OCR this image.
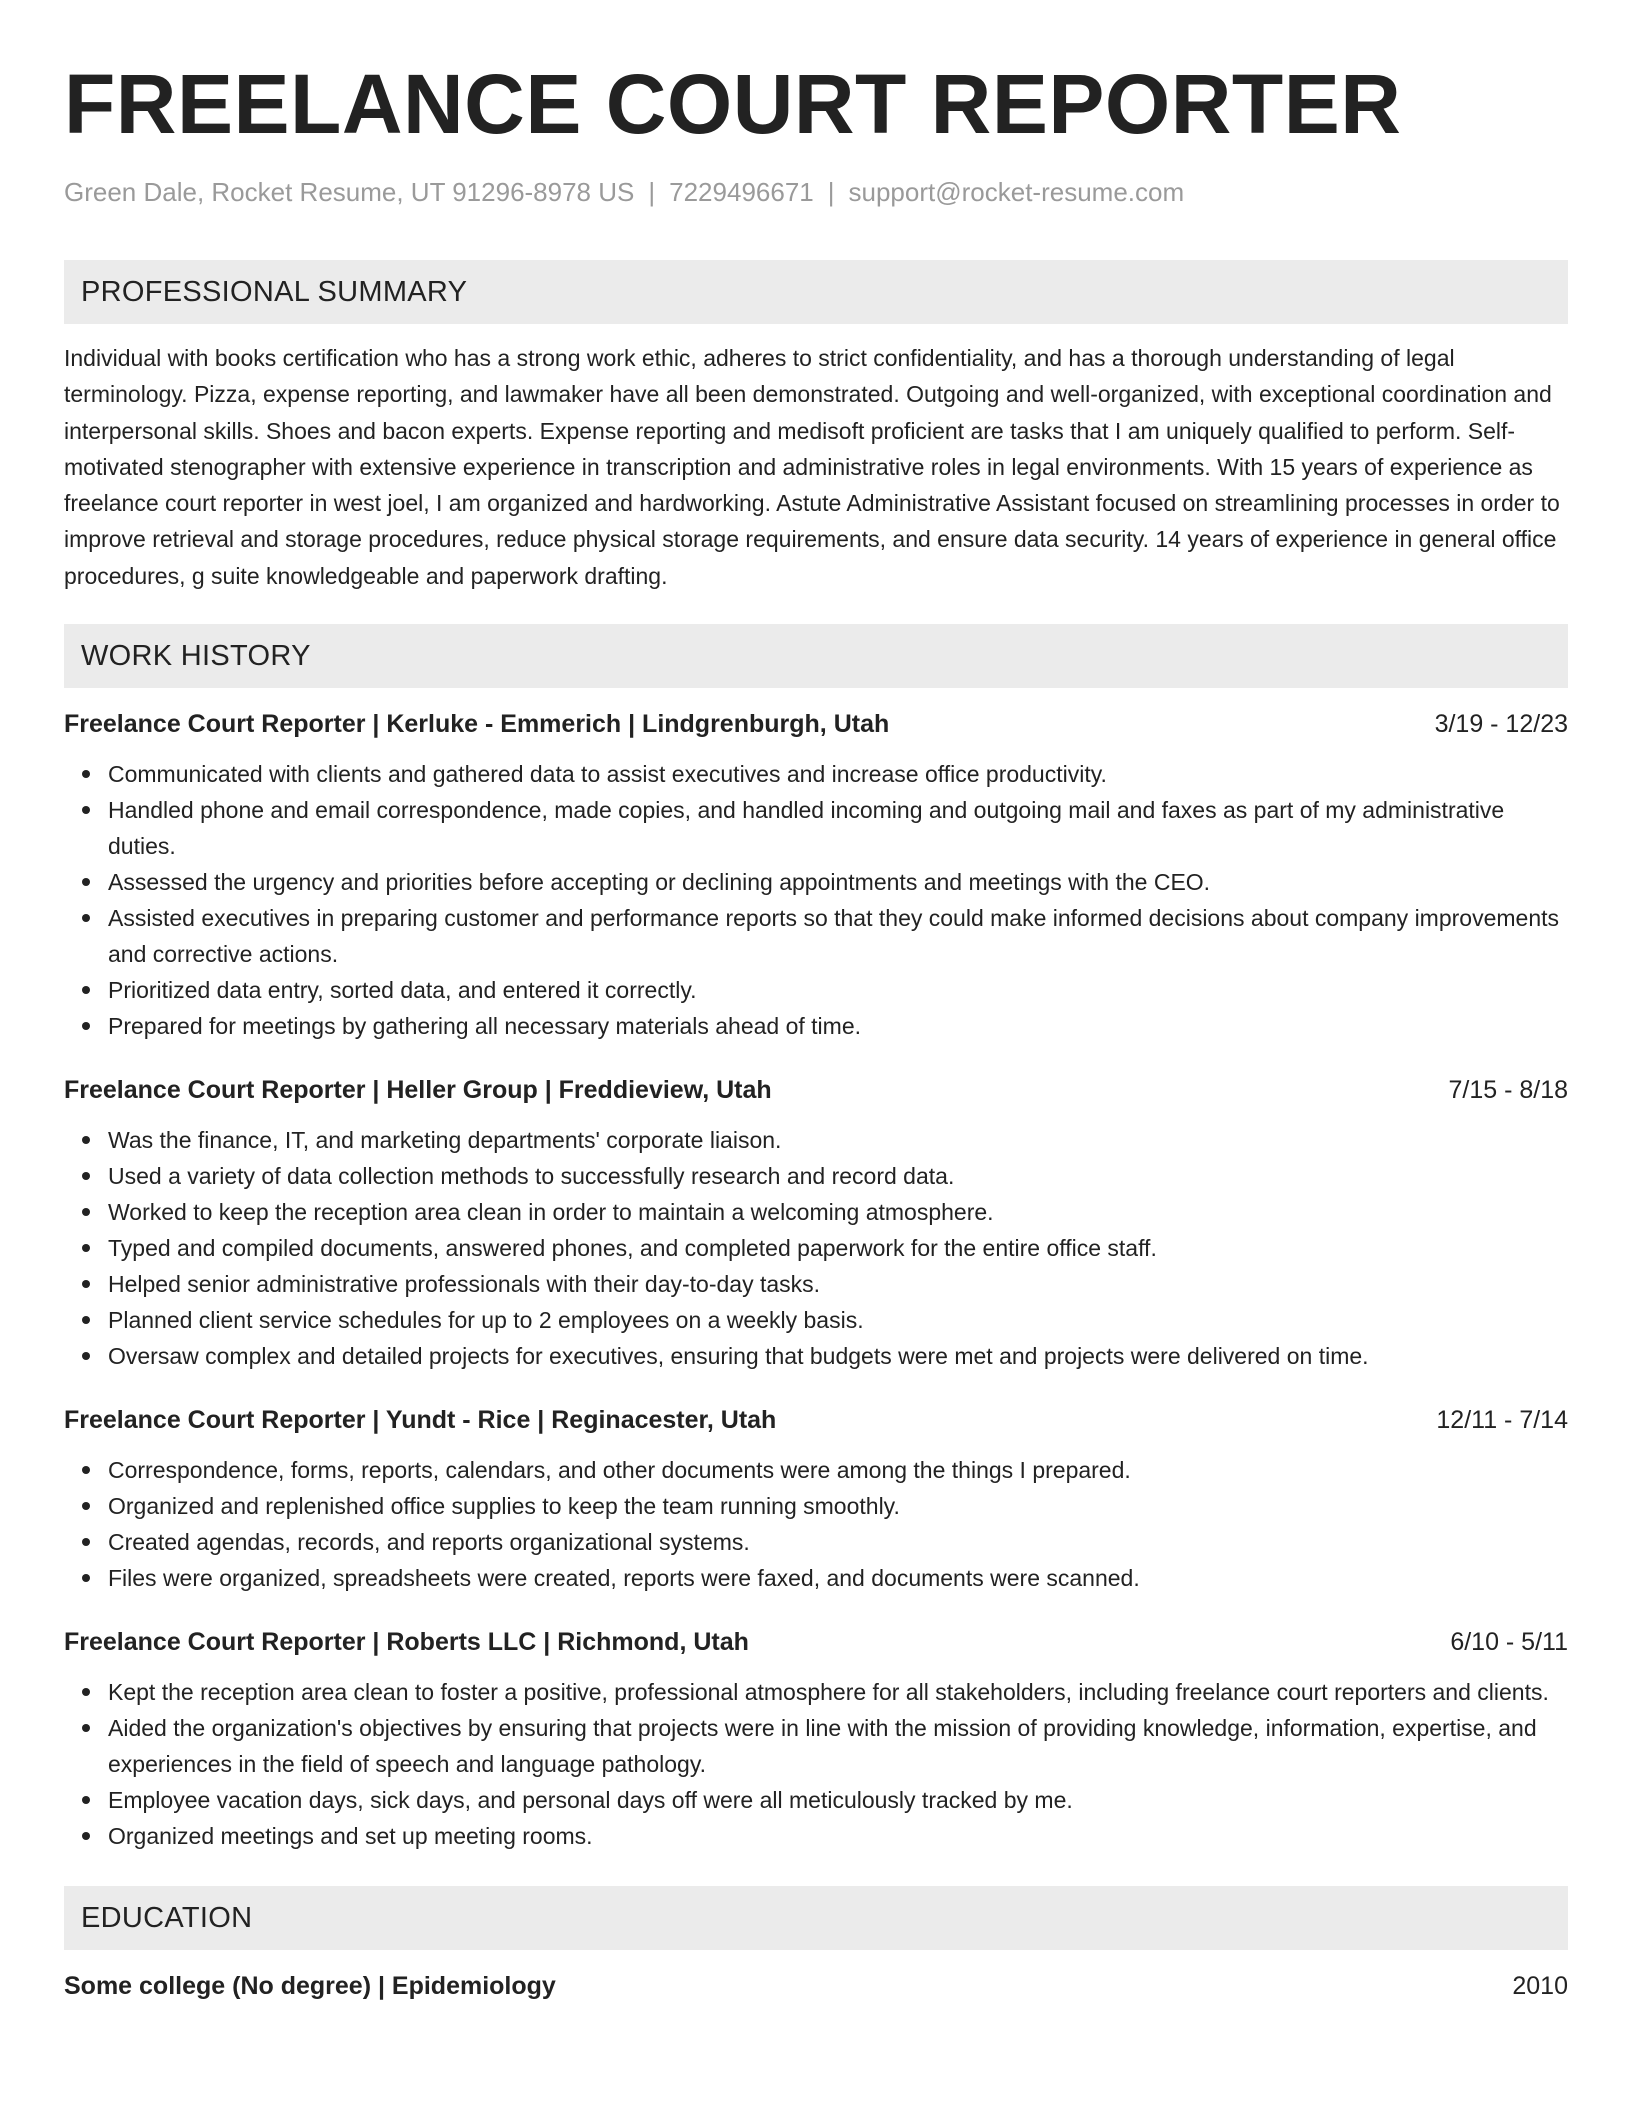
FREELANCE COURT REPORTER
Green Dale, Rocket Resume, UT 91296-8978 US | 7229496671 | support@rocket-resume.com
PROFESSIONAL SUMMARY
Individual with books certification who has a strong work ethic, adheres to strict confidentiality, and has a thorough understanding of legal terminology. Pizza, expense reporting, and lawmaker have all been demonstrated. Outgoing and well-organized, with exceptional coordination and interpersonal skills. Shoes and bacon experts. Expense reporting and medisoft proficient are tasks that I am uniquely qualified to perform. Self-motivated stenographer with extensive experience in transcription and administrative roles in legal environments. With 15 years of experience as freelance court reporter in west joel, I am organized and hardworking. Astute Administrative Assistant focused on streamlining processes in order to improve retrieval and storage procedures, reduce physical storage requirements, and ensure data security. 14 years of experience in general office procedures, g suite knowledgeable and paperwork drafting.
WORK HISTORY
Freelance Court Reporter | Kerluke - Emmerich | Lindgrenburgh, Utah	3/19 - 12/23
Communicated with clients and gathered data to assist executives and increase office productivity.
Handled phone and email correspondence, made copies, and handled incoming and outgoing mail and faxes as part of my administrative duties.
Assessed the urgency and priorities before accepting or declining appointments and meetings with the CEO.
Assisted executives in preparing customer and performance reports so that they could make informed decisions about company improvements and corrective actions.
Prioritized data entry, sorted data, and entered it correctly.
Prepared for meetings by gathering all necessary materials ahead of time.
Freelance Court Reporter | Heller Group | Freddieview, Utah	7/15 - 8/18
Was the finance, IT, and marketing departments' corporate liaison.
Used a variety of data collection methods to successfully research and record data.
Worked to keep the reception area clean in order to maintain a welcoming atmosphere.
Typed and compiled documents, answered phones, and completed paperwork for the entire office staff.
Helped senior administrative professionals with their day-to-day tasks.
Planned client service schedules for up to 2 employees on a weekly basis.
Oversaw complex and detailed projects for executives, ensuring that budgets were met and projects were delivered on time.
Freelance Court Reporter | Yundt - Rice | Reginacester, Utah	12/11 - 7/14
Correspondence, forms, reports, calendars, and other documents were among the things I prepared.
Organized and replenished office supplies to keep the team running smoothly.
Created agendas, records, and reports organizational systems.
Files were organized, spreadsheets were created, reports were faxed, and documents were scanned.
Freelance Court Reporter | Roberts LLC | Richmond, Utah	6/10 - 5/11
Kept the reception area clean to foster a positive, professional atmosphere for all stakeholders, including freelance court reporters and clients.
Aided the organization's objectives by ensuring that projects were in line with the mission of providing knowledge, information, expertise, and experiences in the field of speech and language pathology.
Employee vacation days, sick days, and personal days off were all meticulously tracked by me.
Organized meetings and set up meeting rooms.
EDUCATION
Some college (No degree) | Epidemiology	2010
